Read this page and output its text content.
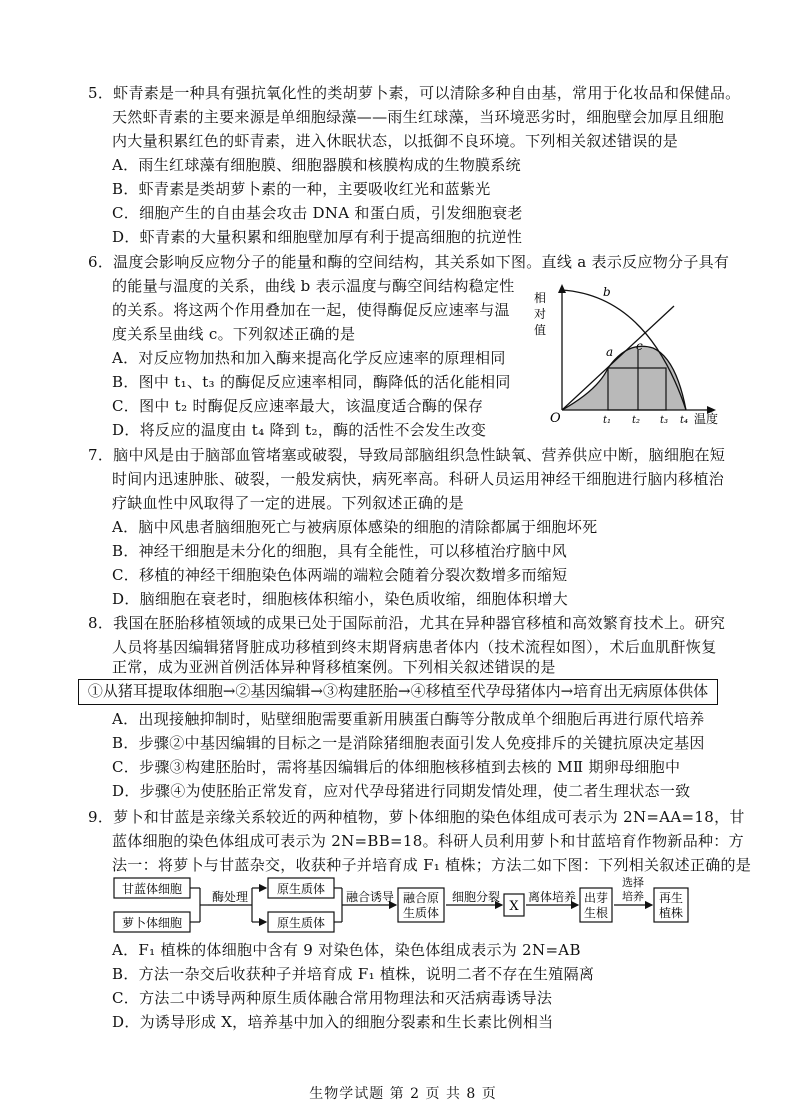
5．虾青素是一种具有强抗氧化性的类胡萝卜素，可以清除多种自由基，常用于化妆品和保健品。
天然虾青素的主要来源是单细胞绿藻——雨生红球藻，当环境恶劣时，细胞壁会加厚且细胞
内大量积累红色的虾青素，进入休眠状态，以抵御不良环境。下列相关叙述错误的是
A．雨生红球藻有细胞膜、细胞器膜和核膜构成的生物膜系统
B．虾青素是类胡萝卜素的一种，主要吸收红光和蓝紫光
C．细胞产生的自由基会攻击 DNA 和蛋白质，引发细胞衰老
D．虾青素的大量积累和细胞壁加厚有利于提高细胞的抗逆性
6．温度会影响反应物分子的能量和酶的空间结构，其关系如下图。直线 a 表示反应物分子具有
的能量与温度的关系，曲线 b 表示温度与酶空间结构稳定性
的关系。将这两个作用叠加在一起，使得酶促反应速率与温
度关系呈曲线 c。下列叙述正确的是
A．对反应物加热和加入酶来提高化学反应速率的原理相同
B．图中 t₁、t₃ 的酶促反应速率相同，酶降低的活化能相同
C．图中 t₂ 时酶促反应速率最大，该温度适合酶的保存
D．将反应的温度由 t₄ 降到 t₂，酶的活性不会发生改变
相
对
值
O
b
a c
t₁ t₂ t₃ t₄ 温度
7．脑中风是由于脑部血管堵塞或破裂，导致局部脑组织急性缺氧、营养供应中断，脑细胞在短
时间内迅速肿胀、破裂，一般发病快，病死率高。科研人员运用神经干细胞进行脑内移植治
疗缺血性中风取得了一定的进展。下列叙述正确的是
A．脑中风患者脑细胞死亡与被病原体感染的细胞的清除都属于细胞坏死
B．神经干细胞是未分化的细胞，具有全能性，可以移植治疗脑中风
C．移植的神经干细胞染色体两端的端粒会随着分裂次数增多而缩短
D．脑细胞在衰老时，细胞核体积缩小，染色质收缩，细胞体积增大
8．我国在胚胎移植领域的成果已处于国际前沿，尤其在异种器官移植和高效繁育技术上。研究
人员将基因编辑猪肾脏成功移植到终末期肾病患者体内（技术流程如图），术后血肌酐恢复
正常，成为亚洲首例活体异种肾移植案例。下列相关叙述错误的是
①从猪耳提取体细胞→②基因编辑→③构建胚胎→④移植至代孕母猪体内→培育出无病原体供体
A．出现接触抑制时，贴壁细胞需要重新用胰蛋白酶等分散成单个细胞后再进行原代培养
B．步骤②中基因编辑的目标之一是消除猪细胞表面引发人免疫排斥的关键抗原决定基因
C．步骤③构建胚胎时，需将基因编辑后的体细胞核移植到去核的 MⅡ 期卵母细胞中
D．步骤④为使胚胎正常发育，应对代孕母猪进行同期发情处理，使二者生理状态一致
9．萝卜和甘蓝是亲缘关系较近的两种植物，萝卜体细胞的染色体组成可表示为 2N=AA=18，甘
蓝体细胞的染色体组成可表示为 2N=BB=18。科研人员利用萝卜和甘蓝培育作物新品种：方
法一：将萝卜与甘蓝杂交，收获种子并培育成 F₁ 植株；方法二如下图：下列相关叙述正确的是
甘蓝体细胞
萝卜体细胞
酶处理
原生质体
原生质体
融合诱导 融合原
生质体
细胞分裂
X
离体培养 出芽
生根
选择
培养 再生
植株
A．F₁ 植株的体细胞中含有 9 对染色体，染色体组成表示为 2N=AB
B．方法一杂交后收获种子并培育成 F₁ 植株，说明二者不存在生殖隔离
C．方法二中诱导两种原生质体融合常用物理法和灭活病毒诱导法
D．为诱导形成 X，培养基中加入的细胞分裂素和生长素比例相当
生物学试题 第 2 页 共 8 页
